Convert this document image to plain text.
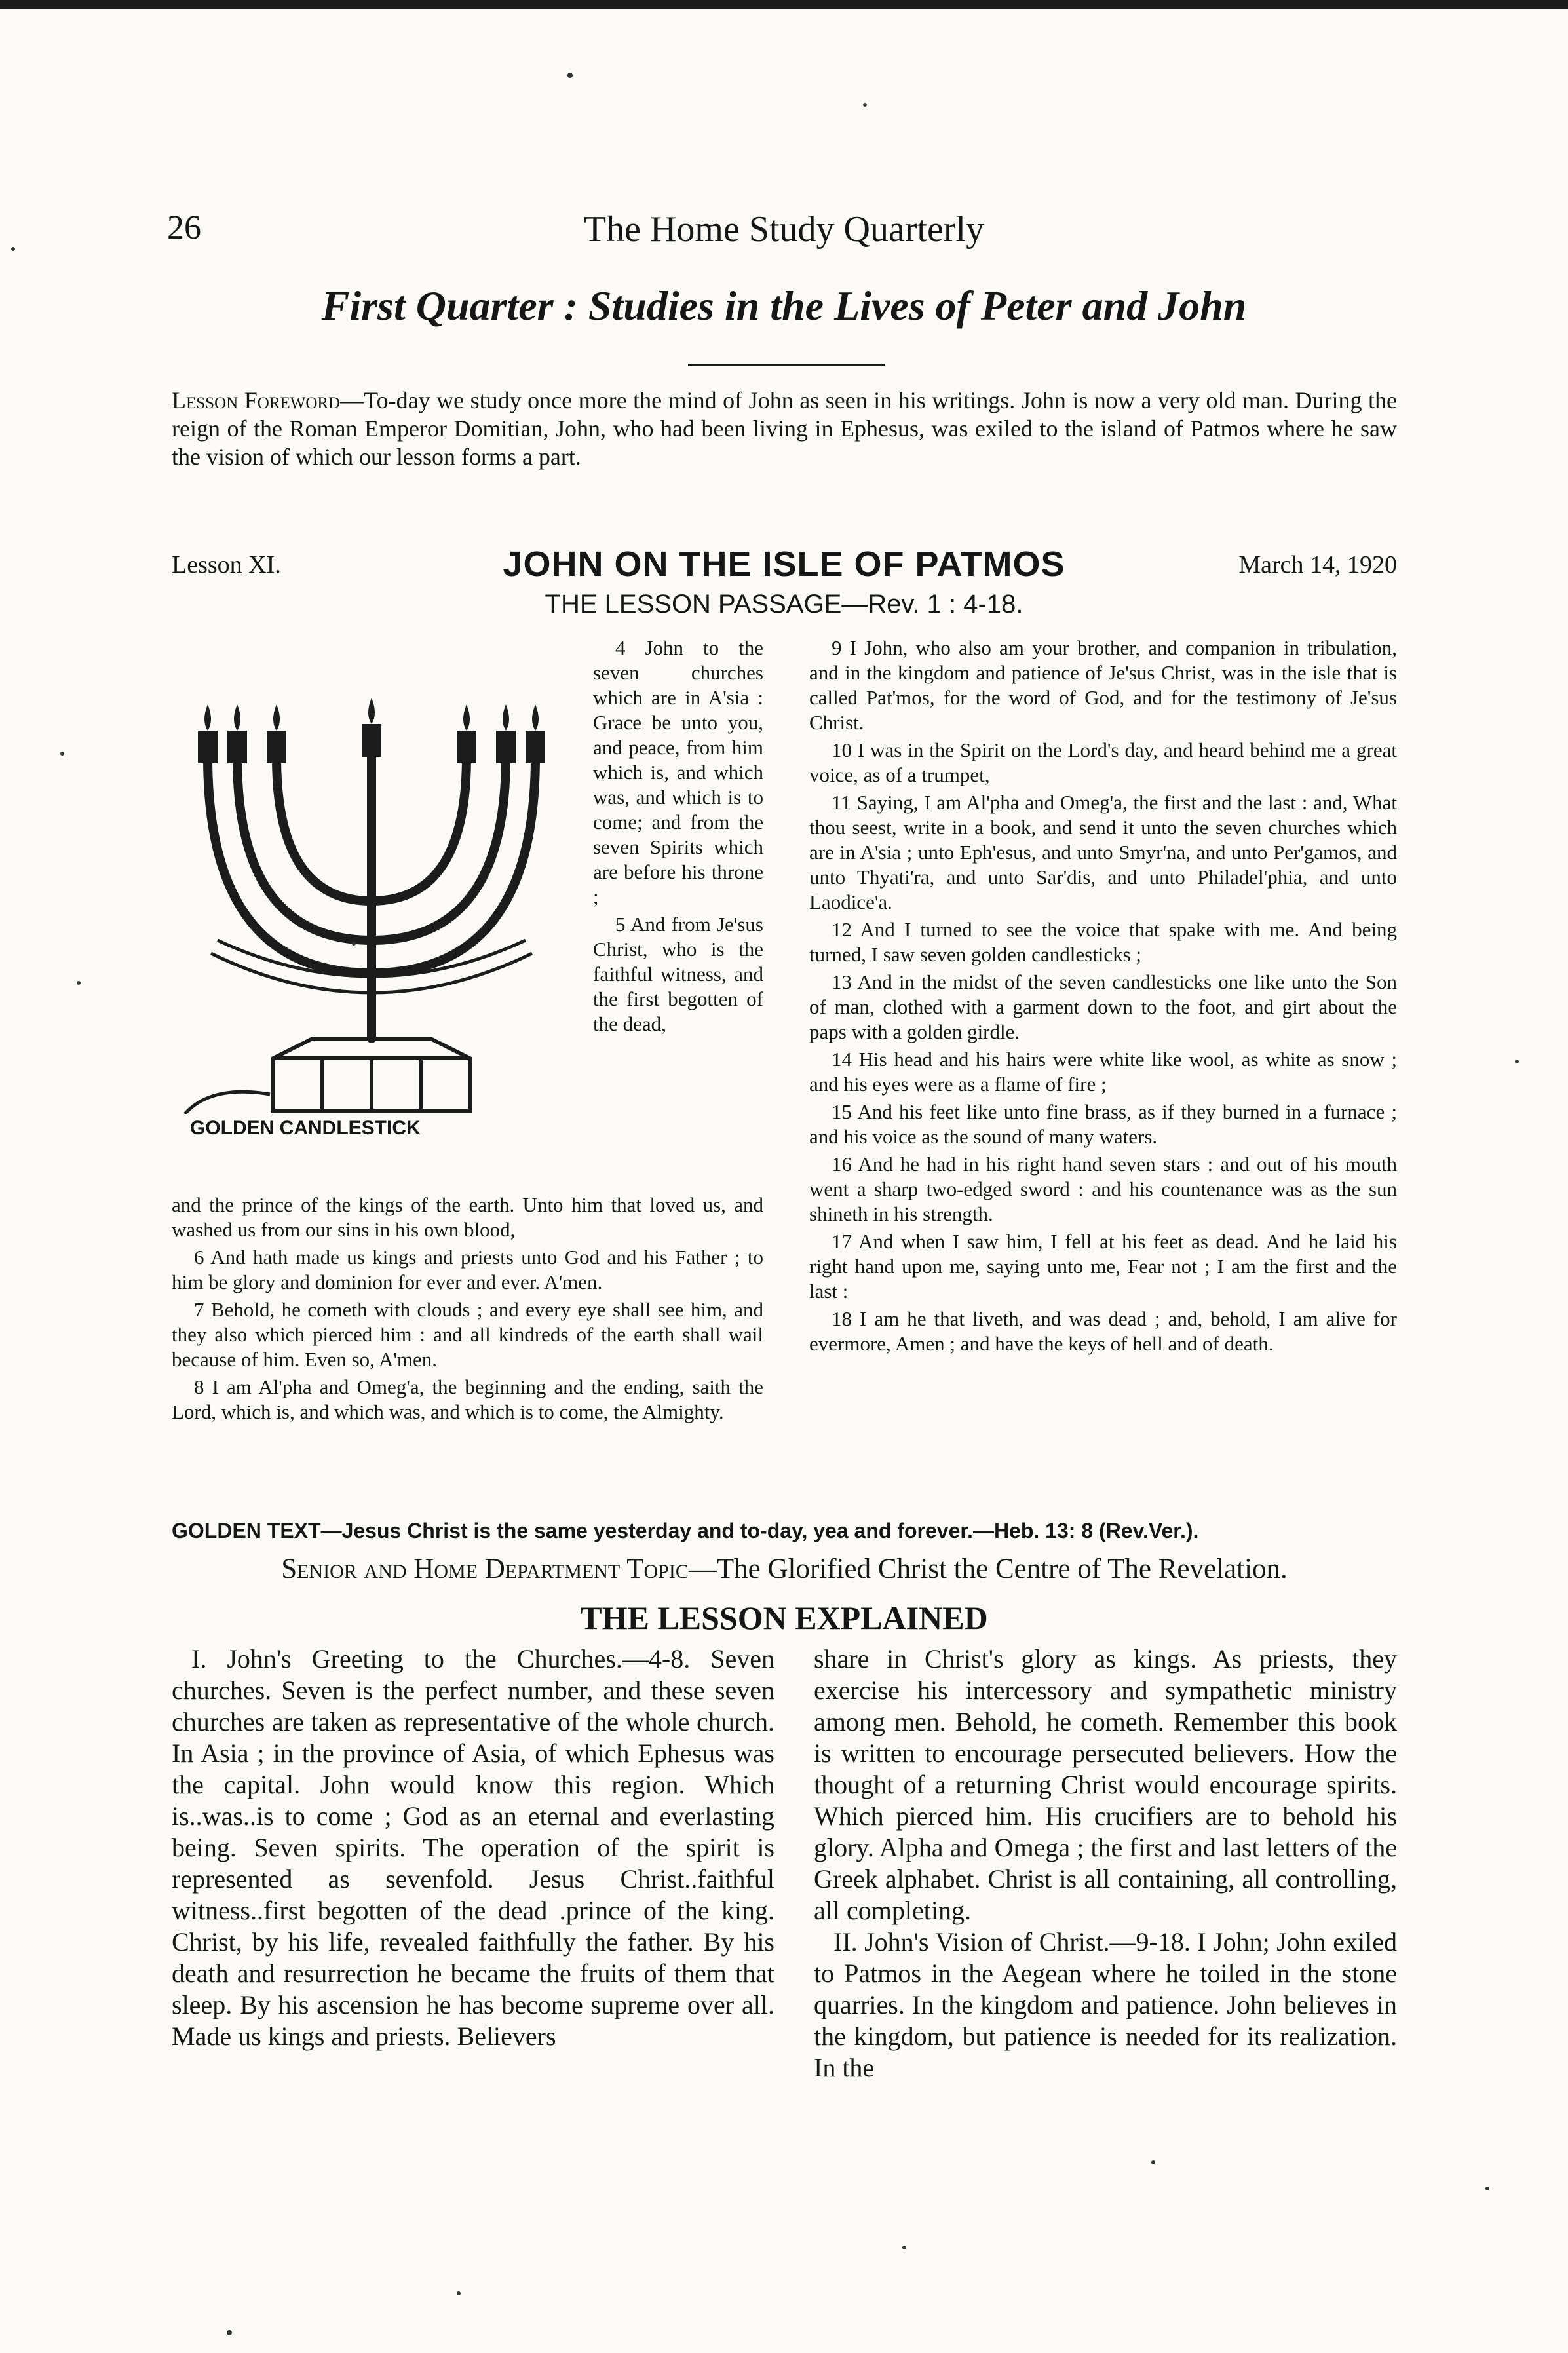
26	The Home Study Quarterly
First Quarter : Studies in the Lives of Peter and John
Lesson Foreword—To-day we study once more the mind of John as seen in his writings. John is now a very old man. During the reign of the Roman Emperor Domitian, John, who had been living in Ephesus, was exiled to the island of Patmos where he saw the vision of which our lesson forms a part.
Lesson XI.	JOHN ON THE ISLE OF PATMOS	March 14, 1920
THE LESSON PASSAGE—Rev. 1 : 4-18.
GOLDEN CANDLESTICK

4 John to the seven churches which are in A'sia : Grace be unto you, and peace, from him which is, and which was, and which is to come; and from the seven Spirits which are before his throne ;

5 And from Je'sus Christ, who is the faithful witness, and the first begotten of the dead,

and the prince of the kings of the earth. Unto him that loved us, and washed us from our sins in his own blood,

6 And hath made us kings and priests unto God and his Father ; to him be glory and dominion for ever and ever. A'men.

7 Behold, he cometh with clouds ; and every eye shall see him, and they also which pierced him : and all kindreds of the earth shall wail because of him. Even so, A'men.

8 I am Al'pha and Omeg'a, the beginning and the ending, saith the Lord, which is, and which was, and which is to come, the Almighty.

9 I John, who also am your brother, and companion in tribulation, and in the kingdom and patience of Je'sus Christ, was in the isle that is called Pat'mos, for the word of God, and for the testimony of Je'sus Christ.

10 I was in the Spirit on the Lord's day, and heard behind me a great voice, as of a trumpet,

11 Saying, I am Al'pha and Omeg'a, the first and the last : and, What thou seest, write in a book, and send it unto the seven churches which are in A'sia ; unto Eph'esus, and unto Smyr'na, and unto Per'gamos, and unto Thyati'ra, and unto Sar'dis, and unto Philadel'phia, and unto Laodice'a.

12 And I turned to see the voice that spake with me. And being turned, I saw seven golden candlesticks ;

13 And in the midst of the seven candlesticks one like unto the Son of man, clothed with a garment down to the foot, and girt about the paps with a golden girdle.

14 His head and his hairs were white like wool, as white as snow ; and his eyes were as a flame of fire ;

15 And his feet like unto fine brass, as if they burned in a furnace ; and his voice as the sound of many waters.

16 And he had in his right hand seven stars : and out of his mouth went a sharp two-edged sword : and his countenance was as the sun shineth in his strength.

17 And when I saw him, I fell at his feet as dead. And he laid his right hand upon me, saying unto me, Fear not ; I am the first and the last :

18 I am he that liveth, and was dead ; and, behold, I am alive for evermore, Amen ; and have the keys of hell and of death.

GOLDEN TEXT—Jesus Christ is the same yesterday and to-day, yea and forever.—Heb. 13: 8 (Rev.Ver.).
Senior and Home Department Topic—The Glorified Christ the Centre of The Revelation.
THE LESSON EXPLAINED

I. John's Greeting to the Churches.—4-8. Seven churches. Seven is the perfect number, and these seven churches are taken as representative of the whole church. In Asia ; in the province of Asia, of which Ephesus was the capital. John would know this region. Which is..was..is to come ; God as an eternal and everlasting being. Seven spirits. The operation of the spirit is represented as sevenfold. Jesus Christ..faithful witness..first begotten of the dead .prince of the king. Christ, by his life, revealed faithfully the father. By his death and resurrection he became the fruits of them that sleep. By his ascension he has become supreme over all. Made us kings and priests. Believers

share in Christ's glory as kings. As priests, they exercise his intercessory and sympathetic ministry among men. Behold, he cometh. Remember this book is written to encourage persecuted believers. How the thought of a returning Christ would encourage spirits. Which pierced him. His crucifiers are to behold his glory. Alpha and Omega ; the first and last letters of the Greek alphabet. Christ is all containing, all controlling, all completing.

II. John's Vision of Christ.—9-18. I John; John exiled to Patmos in the Aegean where he toiled in the stone quarries. In the kingdom and patience. John believes in the kingdom, but patience is needed for its realization. In the
